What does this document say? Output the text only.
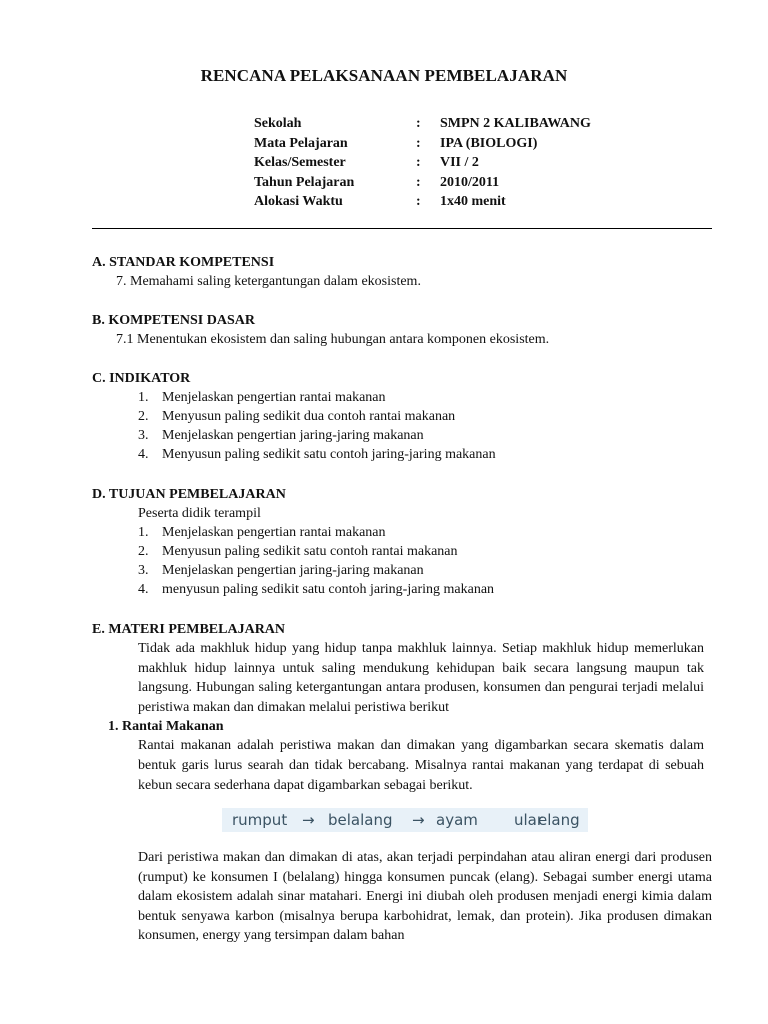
RENCANA PELAKSANAAN PEMBELAJARAN
Sekolah	: SMPN 2 KALIBAWANG
Mata Pelajaran	: IPA (BIOLOGI)
Kelas/Semester	: VII / 2
Tahun Pelajaran	: 2010/2011
Alokasi Waktu	: 1x40 menit
A. STANDAR KOMPETENSI
7. Memahami saling ketergantungan dalam ekosistem.
B. KOMPETENSI DASAR
7.1 Menentukan ekosistem dan saling hubungan antara komponen ekosistem.
C. INDIKATOR
1. Menjelaskan pengertian rantai makanan
2. Menyusun paling sedikit dua contoh rantai makanan
3. Menjelaskan pengertian jaring-jaring makanan
4. Menyusun paling sedikit satu contoh jaring-jaring makanan
D. TUJUAN PEMBELAJARAN
Peserta didik terampil
1. Menjelaskan pengertian rantai makanan
2. Menyusun paling sedikit satu contoh rantai makanan
3. Menjelaskan pengertian jaring-jaring makanan
4. menyusun paling sedikit satu contoh jaring-jaring makanan
E. MATERI PEMBELAJARAN
Tidak ada makhluk hidup yang hidup tanpa makhluk lainnya. Setiap makhluk hidup memerlukan makhluk hidup lainnya untuk saling mendukung kehidupan baik secara langsung maupun tak langsung. Hubungan saling ketergantungan antara produsen, konsumen dan pengurai terjadi melalui peristiwa makan dan dimakan melalui peristiwa berikut
1. Rantai Makanan
Rantai makanan adalah peristiwa makan dan dimakan yang digambarkan secara skematis dalam bentuk garis lurus searah dan tidak bercabang. Misalnya rantai makanan yang terdapat di sebuah kebun secara sederhana dapat digambarkan sebagai berikut.
rumput → belalang → ayam ular
elang
Dari peristiwa makan dan dimakan di atas, akan terjadi perpindahan atau aliran energi dari produsen (rumput) ke konsumen I (belalang) hingga konsumen puncak (elang). Sebagai sumber energi utama dalam ekosistem adalah sinar matahari. Energi ini diubah oleh produsen menjadi energi kimia dalam bentuk senyawa karbon (misalnya berupa karbohidrat, lemak, dan protein). Jika produsen dimakan konsumen, energy yang tersimpan dalam bahan
